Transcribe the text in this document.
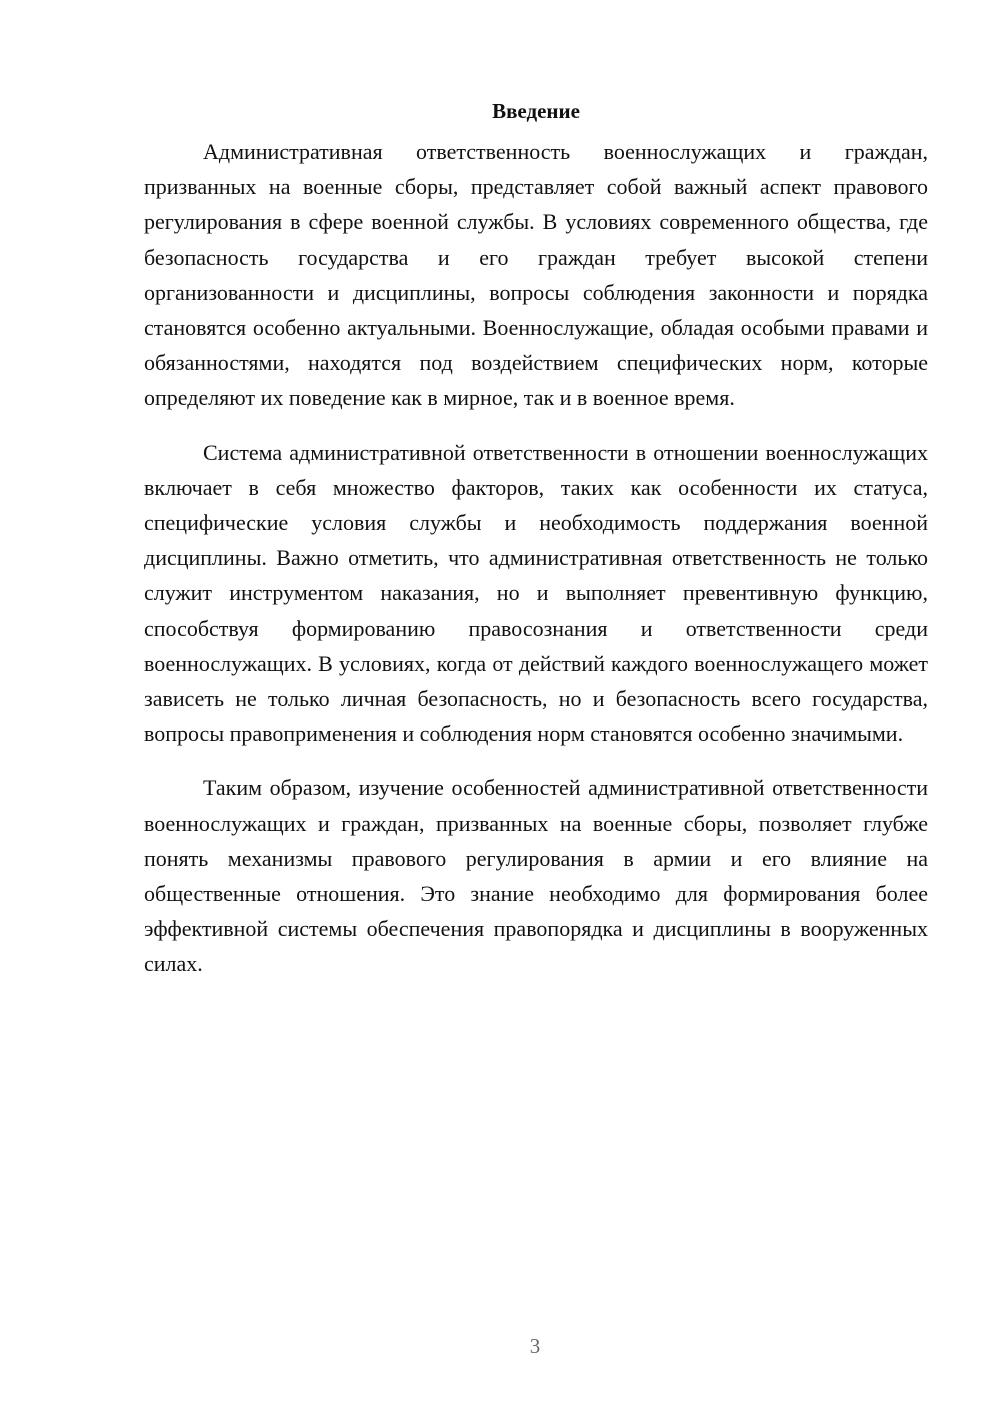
Введение

Административная ответственность военнослужащих и граждан, призванных на военные сборы, представляет собой важный аспект правового регулирования в сфере военной службы. В условиях современного общества, где безопасность государства и его граждан требует высокой степени организованности и дисциплины, вопросы соблюдения законности и порядка становятся особенно актуальными. Военнослужащие, обладая особыми правами и обязанностями, находятся под воздействием специфических норм, которые определяют их поведение как в мирное, так и в военное время.

Система административной ответственности в отношении военнослужащих включает в себя множество факторов, таких как особенности их статуса, специфические условия службы и необходимость поддержания военной дисциплины. Важно отметить, что административная ответственность не только служит инструментом наказания, но и выполняет превентивную функцию, способствуя формированию правосознания и ответственности среди военнослужащих. В условиях, когда от действий каждого военнослужащего может зависеть не только личная безопасность, но и безопасность всего государства, вопросы правоприменения и соблюдения норм становятся особенно значимыми.

Таким образом, изучение особенностей административной ответственности военнослужащих и граждан, призванных на военные сборы, позволяет глубже понять механизмы правового регулирования в армии и его влияние на общественные отношения. Это знание необходимо для формирования более эффективной системы обеспечения правопорядка и дисциплины в вооруженных силах.

3
